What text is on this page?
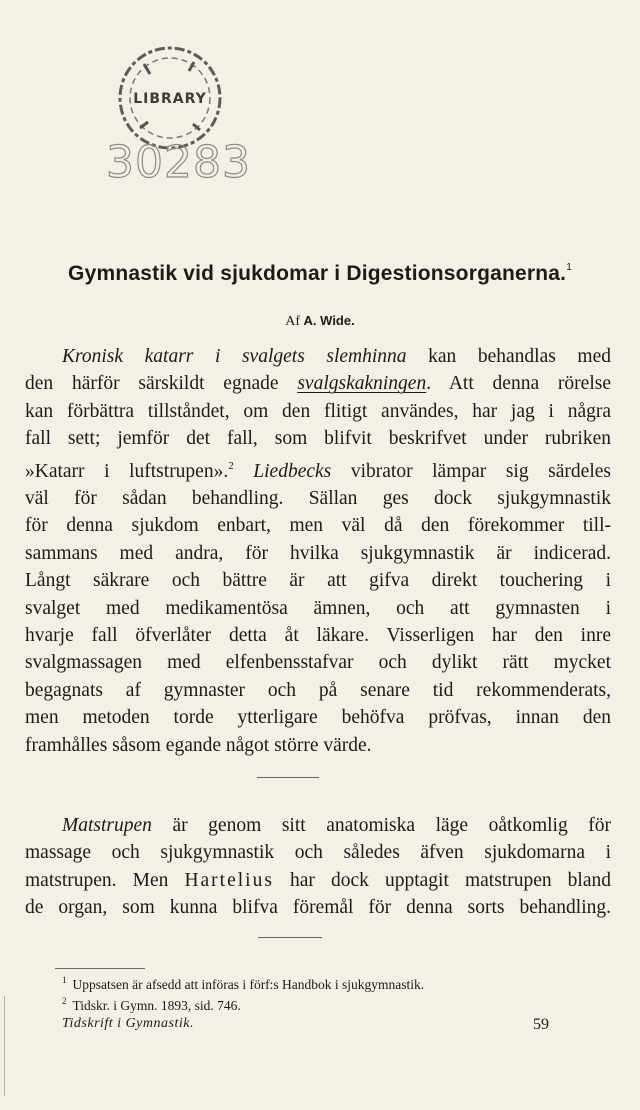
LIBRARY
30283
Gymnastik vid sjukdomar i Digestionsorganerna.$^1$
Af A. Wide.
Kronisk katarr i svalgets slemhinna kan behandlas med
den härför särskildt egnade svalgskakningen. Att denna rörelse
kan förbättra tillståndet, om den flitigt användes, har jag i några
fall sett; jemför det fall, som blifvit beskrifvet under rubriken
»Katarr i luftstrupen».$^2$ Liedbecks vibrator lämpar sig särdeles
väl för sådan behandling. Sällan ges dock sjukgymnastik
för denna sjukdom enbart, men väl då den förekommer till-
sammans med andra, för hvilka sjukgymnastik är indicerad.
Långt säkrare och bättre är att gifva direkt touchering i
svalget med medikamentösa ämnen, och att gymnasten i
hvarje fall öfverlåter detta åt läkare. Visserligen har den inre
svalgmassagen med elfenbensstafvar och dylikt rätt mycket
begagnats af gymnaster och på senare tid rekommenderats,
men metoden torde ytterligare behöfva pröfvas, innan den
framhålles såsom egande något större värde.
Matstrupen är genom sitt anatomiska läge oåtkomlig för
massage och sjukgymnastik och således äfven sjukdomarna i
matstrupen. Men Hartelius har dock upptagit matstrupen bland
de organ, som kunna blifva föremål för denna sorts behandling.
$^1$ Uppsatsen är afsedd att införas i förf:s Handbok i sjukgymnastik.
$^2$ Tidskr. i Gymn. 1893, sid. 746.
Tidskrift i Gymnastik.	59
